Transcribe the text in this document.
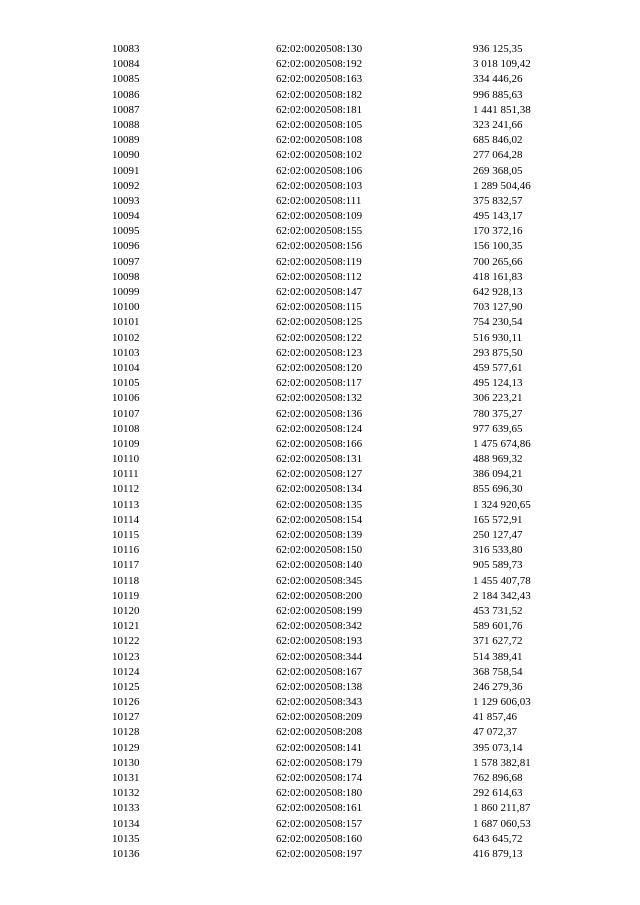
10083	62:02:0020508:130	936 125,35
10084	62:02:0020508:192	3 018 109,42
10085	62:02:0020508:163	334 446,26
10086	62:02:0020508:182	996 885,63
10087	62:02:0020508:181	1 441 851,38
10088	62:02:0020508:105	323 241,66
10089	62:02:0020508:108	685 846,02
10090	62:02:0020508:102	277 064,28
10091	62:02:0020508:106	269 368,05
10092	62:02:0020508:103	1 289 504,46
10093	62:02:0020508:111	375 832,57
10094	62:02:0020508:109	495 143,17
10095	62:02:0020508:155	170 372,16
10096	62:02:0020508:156	156 100,35
10097	62:02:0020508:119	700 265,66
10098	62:02:0020508:112	418 161,83
10099	62:02:0020508:147	642 928,13
10100	62:02:0020508:115	703 127,90
10101	62:02:0020508:125	754 230,54
10102	62:02:0020508:122	516 930,11
10103	62:02:0020508:123	293 875,50
10104	62:02:0020508:120	459 577,61
10105	62:02:0020508:117	495 124,13
10106	62:02:0020508:132	306 223,21
10107	62:02:0020508:136	780 375,27
10108	62:02:0020508:124	977 639,65
10109	62:02:0020508:166	1 475 674,86
10110	62:02:0020508:131	488 969,32
10111	62:02:0020508:127	386 094,21
10112	62:02:0020508:134	855 696,30
10113	62:02:0020508:135	1 324 920,65
10114	62:02:0020508:154	165 572,91
10115	62:02:0020508:139	250 127,47
10116	62:02:0020508:150	316 533,80
10117	62:02:0020508:140	905 589,73
10118	62:02:0020508:345	1 455 407,78
10119	62:02:0020508:200	2 184 342,43
10120	62:02:0020508:199	453 731,52
10121	62:02:0020508:342	589 601,76
10122	62:02:0020508:193	371 627,72
10123	62:02:0020508:344	514 389,41
10124	62:02:0020508:167	368 758,54
10125	62:02:0020508:138	246 279,36
10126	62:02:0020508:343	1 129 606,03
10127	62:02:0020508:209	41 857,46
10128	62:02:0020508:208	47 072,37
10129	62:02:0020508:141	395 073,14
10130	62:02:0020508:179	1 578 382,81
10131	62:02:0020508:174	762 896,68
10132	62:02:0020508:180	292 614,63
10133	62:02:0020508:161	1 860 211,87
10134	62:02:0020508:157	1 687 060,53
10135	62:02:0020508:160	643 645,72
10136	62:02:0020508:197	416 879,13
